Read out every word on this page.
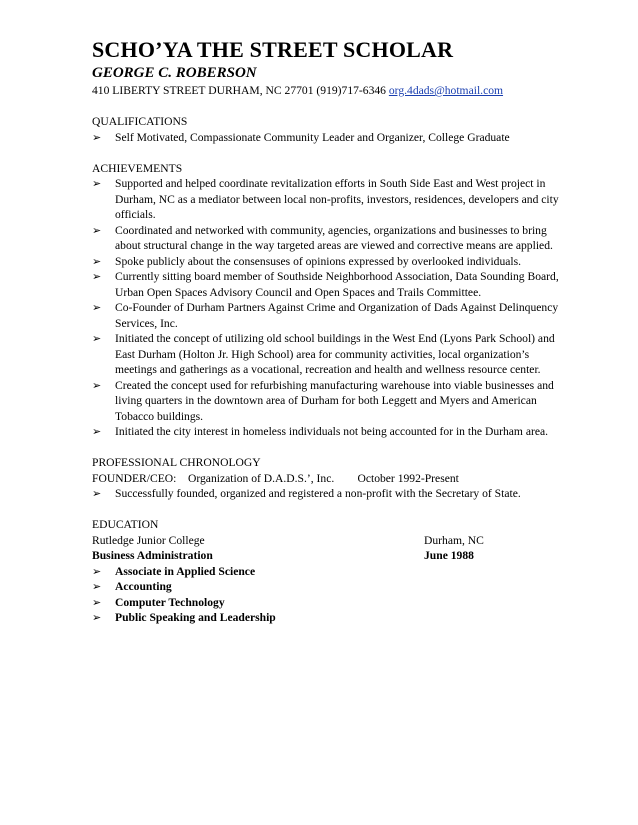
SCHO’YA THE STREET SCHOLAR
GEORGE C. ROBERSON
410 LIBERTY STREET DURHAM, NC 27701 (919)717-6346 org.4dads@hotmail.com
QUALIFICATIONS
➢	Self Motivated, Compassionate Community Leader and Organizer, College Graduate
ACHIEVEMENTS
➢	Supported and helped coordinate revitalization efforts in South Side East and West project in Durham, NC as a mediator between local non-profits, investors, residences, developers and city officials.
➢	Coordinated and networked with community, agencies, organizations and businesses to bring about structural change in the way targeted areas are viewed and corrective means are applied.
➢	Spoke publicly about the consensuses of opinions expressed by overlooked individuals.
➢	Currently sitting board member of Southside Neighborhood Association, Data Sounding Board, Urban Open Spaces Advisory Council and Open Spaces and Trails Committee.
➢	Co-Founder of Durham Partners Against Crime and Organization of Dads Against Delinquency Services, Inc.
➢	Initiated the concept of utilizing old school buildings in the West End (Lyons Park School) and East Durham (Holton Jr. High School) area for community activities, local organization’s meetings and gatherings as a vocational, recreation and health and wellness resource center.
➢	Created the concept used for refurbishing manufacturing warehouse into viable businesses and living quarters in the downtown area of Durham for both Leggett and Myers and American Tobacco buildings.
➢	Initiated the city interest in homeless individuals not being accounted for in the Durham area.
PROFESSIONAL CHRONOLOGY
FOUNDER/CEO:    Organization of D.A.D.S.’, Inc.        October 1992-Present
➢	Successfully founded, organized and registered a non-profit with the Secretary of State.
EDUCATION
Rutledge Junior College	Durham, NC
Business Administration	June 1988
➢	Associate in Applied Science
➢	Accounting
➢	Computer Technology
➢	Public Speaking and Leadership
